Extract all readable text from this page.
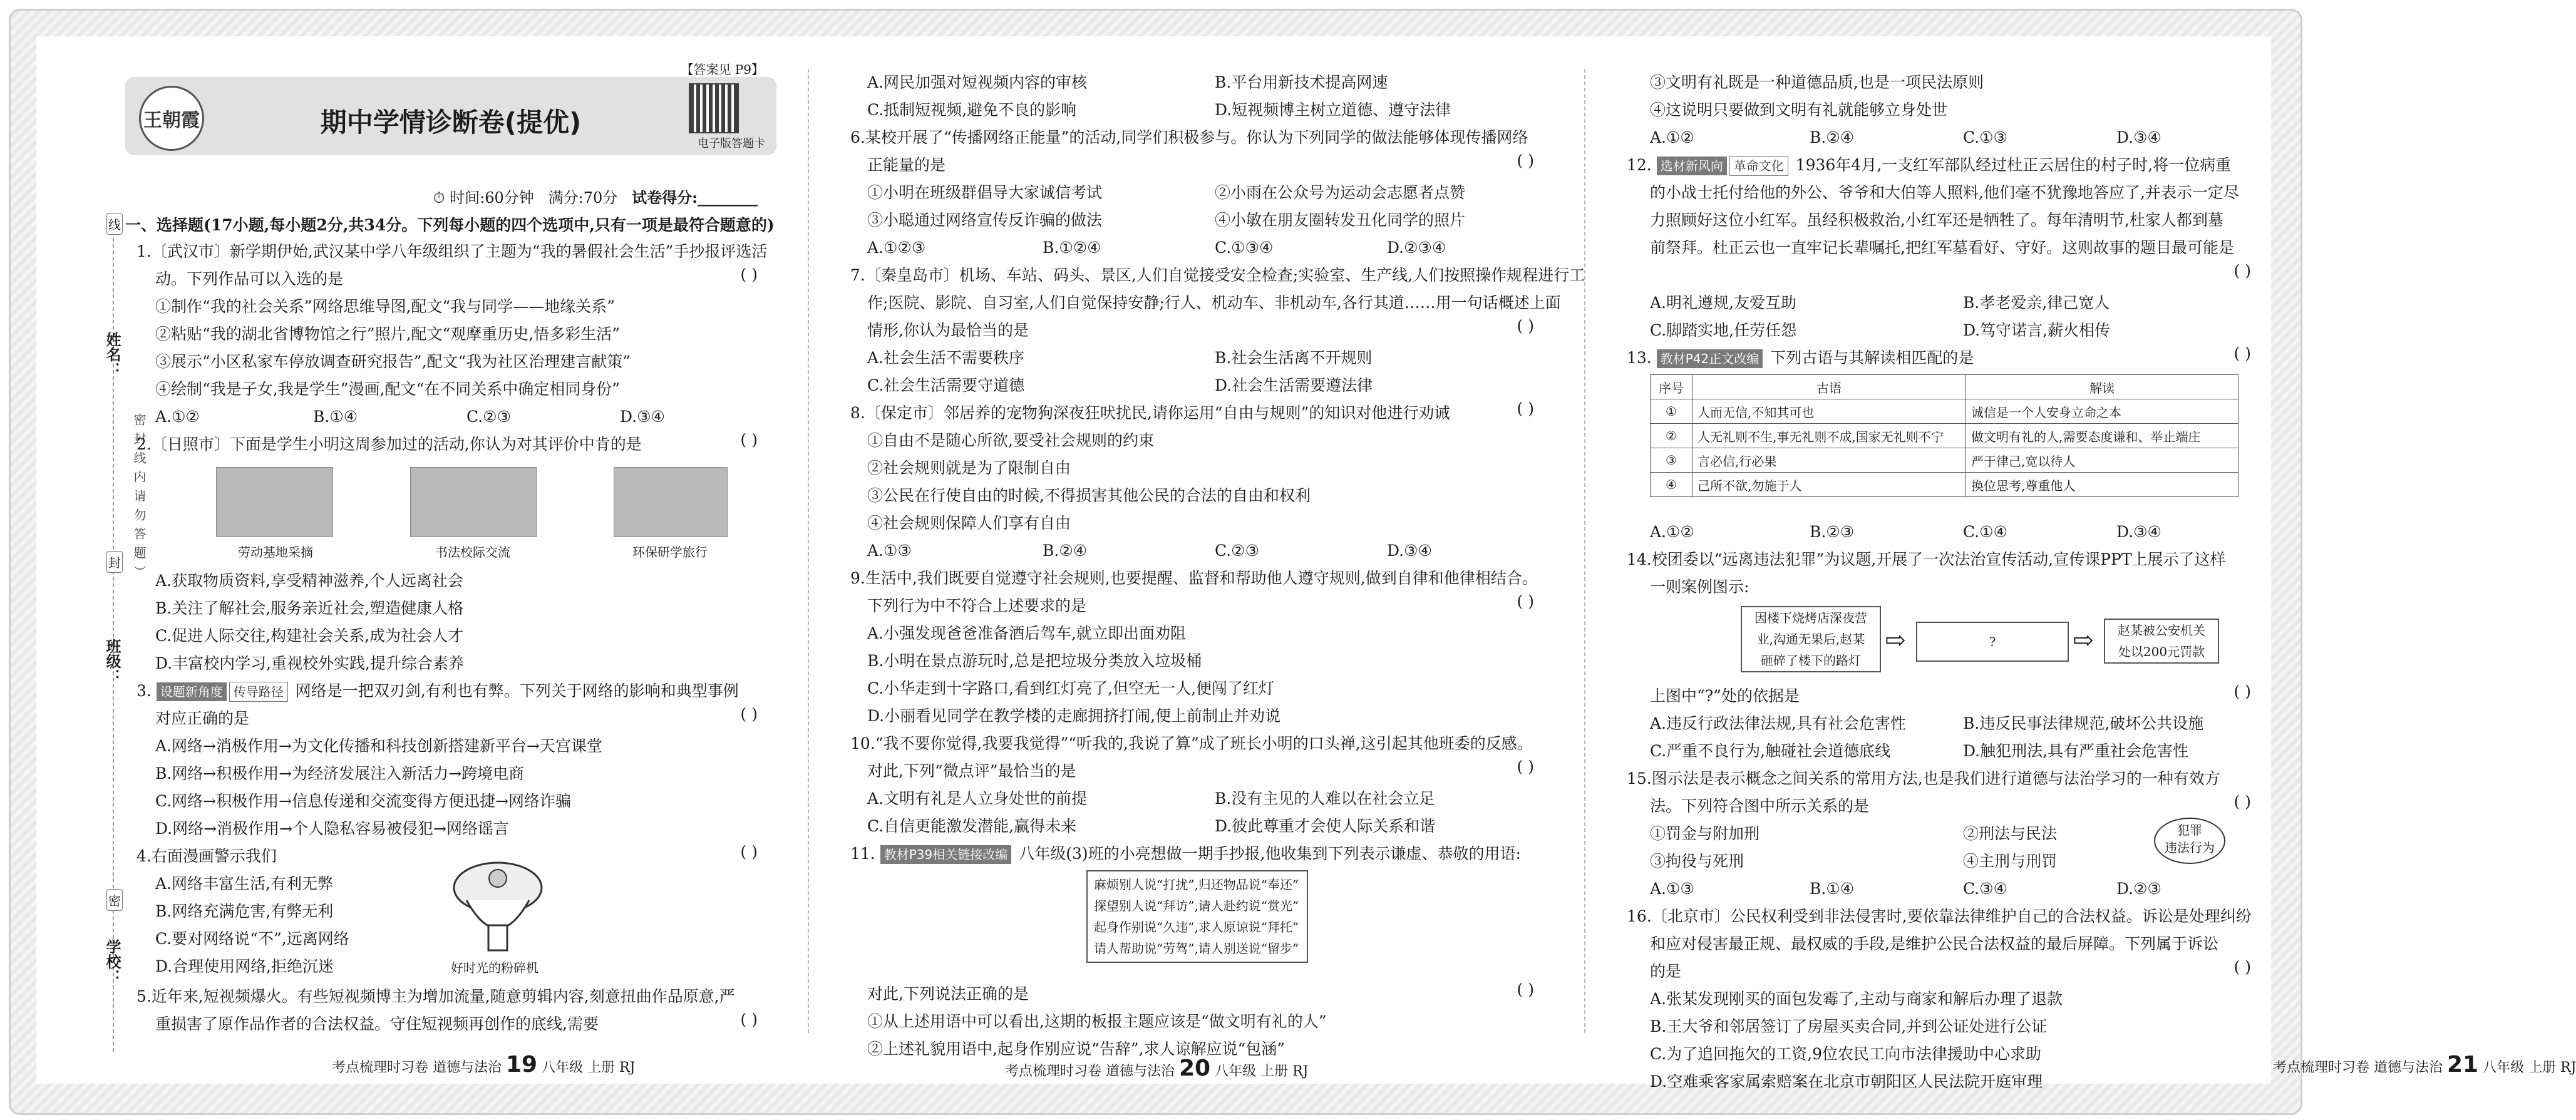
线
封
密
姓名：
班级：
学校：
密 封 线 内 请 勿 答 题 ）
【答案见 P9】
王朝霞	期中学情诊断卷(提优)
电子版答题卡
⏱ 时间:60分钟 满分:70分 试卷得分:________
一、选择题(17小题,每小题2分,共34分。下列每小题的四个选项中,只有一项是最符合题意的)
1.〔武汉市〕新学期伊始,武汉某中学八年级组织了主题为“我的暑假社会生活”手抄报评选活
动。下列作品可以入选的是	( )
①制作“我的社会关系”网络思维导图,配文“我与同学——地缘关系”
②粘贴“我的湖北省博物馆之行”照片,配文“观摩重历史,悟多彩生活”
③展示“小区私家车停放调查研究报告”,配文“我为社区治理建言献策”
④绘制“我是子女,我是学生”漫画,配文“在不同关系中确定相同身份”
A.①②	B.①④	C.②③	D.③④
2.〔日照市〕下面是学生小明这周参加过的活动,你认为对其评价中肯的是	( )
劳动基地采摘	书法校际交流	环保研学旅行
A.获取物质资料,享受精神滋养,个人远离社会
B.关注了解社会,服务亲近社会,塑造健康人格
C.促进人际交往,构建社会关系,成为社会人才
D.丰富校内学习,重视校外实践,提升综合素养
3. 设题新角度 传导路径 网络是一把双刃剑,有利也有弊。下列关于网络的影响和典型事例
对应正确的是	( )
A.网络→消极作用→为文化传播和科技创新搭建新平台→天宫课堂
B.网络→积极作用→为经济发展注入新活力→跨境电商
C.网络→积极作用→信息传递和交流变得方便迅捷→网络诈骗
D.网络→消极作用→个人隐私容易被侵犯→网络谣言
4.右面漫画警示我们	( )
A.网络丰富生活,有利无弊
B.网络充满危害,有弊无利
C.要对网络说“不”,远离网络
D.合理使用网络,拒绝沉迷	好时光的粉碎机
5.近年来,短视频爆火。有些短视频博主为增加流量,随意剪辑内容,刻意扭曲作品原意,严
重损害了原作品作者的合法权益。守住短视频再创作的底线,需要	( )
考点梳理时习卷 道德与法治 19 八年级 上册 RJ
A.网民加强对短视频内容的审核	B.平台用新技术提高网速
C.抵制短视频,避免不良的影响	D.短视频博主树立道德、遵守法律
6.某校开展了“传播网络正能量”的活动,同学们积极参与。你认为下列同学的做法能够体现传播网络
正能量的是	( )
①小明在班级群倡导大家诚信考试	②小雨在公众号为运动会志愿者点赞
③小聪通过网络宣传反诈骗的做法	④小敏在朋友圈转发丑化同学的照片
A.①②③	B.①②④	C.①③④	D.②③④
7.〔秦皇岛市〕机场、车站、码头、景区,人们自觉接受安全检查;实验室、生产线,人们按照操作规程进行工
作;医院、影院、自习室,人们自觉保持安静;行人、机动车、非机动车,各行其道……用一句话概述上面
情形,你认为最恰当的是	( )
A.社会生活不需要秩序	B.社会生活离不开规则
C.社会生活需要守道德	D.社会生活需要遵法律
8.〔保定市〕邻居养的宠物狗深夜狂吠扰民,请你运用“自由与规则”的知识对他进行劝诫	( )
①自由不是随心所欲,要受社会规则的约束
②社会规则就是为了限制自由
③公民在行使自由的时候,不得损害其他公民的合法的自由和权利
④社会规则保障人们享有自由
A.①③	B.②④	C.②③	D.③④
9.生活中,我们既要自觉遵守社会规则,也要提醒、监督和帮助他人遵守规则,做到自律和他律相结合。
下列行为中不符合上述要求的是	( )
A.小强发现爸爸准备酒后驾车,就立即出面劝阻
B.小明在景点游玩时,总是把垃圾分类放入垃圾桶
C.小华走到十字路口,看到红灯亮了,但空无一人,便闯了红灯
D.小丽看见同学在教学楼的走廊拥挤打闹,便上前制止并劝说
10.“我不要你觉得,我要我觉得”“听我的,我说了算”成了班长小明的口头禅,这引起其他班委的反感。
对此,下列“微点评”最恰当的是	( )
A.文明有礼是人立身处世的前提	B.没有主见的人难以在社会立足
C.自信更能激发潜能,赢得未来	D.彼此尊重才会使人际关系和谐
11. 教材P39相关链接改编 八年级(3)班的小亮想做一期手抄报,他收集到下列表示谦虚、恭敬的用语:
麻烦别人说“打扰”,归还物品说“奉还”
探望别人说“拜访”,请人赴约说“赏光”
起身作别说“久违”,求人原谅说“拜托”
请人帮助说“劳驾”,请人别送说“留步”
对此,下列说法正确的是	( )
①从上述用语中可以看出,这期的板报主题应该是“做文明有礼的人”
②上述礼貌用语中,起身作别应说“告辞”,求人谅解应说“包涵”
考点梳理时习卷 道德与法治 20 八年级 上册 RJ
③文明有礼既是一种道德品质,也是一项民法原则
④这说明只要做到文明有礼就能够立身处世
A.①②	B.②④	C.①③	D.③④
12. 选材新风向 革命文化 1936年4月,一支红军部队经过杜正云居住的村子时,将一位病重
的小战士托付给他的外公、爷爷和大伯等人照料,他们毫不犹豫地答应了,并表示一定尽
力照顾好这位小红军。虽经积极救治,小红军还是牺牲了。每年清明节,杜家人都到墓
前祭拜。杜正云也一直牢记长辈嘱托,把红军墓看好、守好。这则故事的题目最可能是
( )
A.明礼遵规,友爱互助	B.孝老爱亲,律己宽人
C.脚踏实地,任劳任怨	D.笃守诺言,薪火相传
13. 教材P42正文改编 下列古语与其解读相匹配的是	( )
序号	古语	解读
①	人而无信,不知其可也	诚信是一个人安身立命之本
②	人无礼则不生,事无礼则不成,国家无礼则不宁	做文明有礼的人,需要态度谦和、举止端庄
③	言必信,行必果	严于律己,宽以待人
④	己所不欲,勿施于人	换位思考,尊重他人
A.①②	B.②③	C.①④	D.③④
14.校团委以“远离违法犯罪”为议题,开展了一次法治宣传活动,宣传课PPT上展示了这样
一则案例图示:
因楼下烧烤店深夜营
业,沟通无果后,赵某
砸碎了楼下的路灯
⇨	?	⇨	赵某被公安机关
处以200元罚款
上图中“?”处的依据是	( )
A.违反行政法律法规,具有社会危害性	B.违反民事法律规范,破坏公共设施
C.严重不良行为,触碰社会道德底线	D.触犯刑法,具有严重社会危害性
15.图示法是表示概念之间关系的常用方法,也是我们进行道德与法治学习的一种有效方
法。下列符合图中所示关系的是	( )
①罚金与附加刑	②刑法与民法
③拘役与死刑	④主刑与刑罚
犯罪
违法行为
A.①③	B.①④	C.③④	D.②③
16.〔北京市〕公民权利受到非法侵害时,要依靠法律维护自己的合法权益。诉讼是处理纠纷
和应对侵害最正规、最权威的手段,是维护公民合法权益的最后屏障。下列属于诉讼
的是	( )
A.张某发现刚买的面包发霉了,主动与商家和解后办理了退款
B.王大爷和邻居签订了房屋买卖合同,并到公证处进行公证
C.为了追回拖欠的工资,9位农民工向市法律援助中心求助
D.空难乘客家属索赔案在北京市朝阳区人民法院开庭审理
考点梳理时习卷 道德与法治 21 八年级 上册 RJ
